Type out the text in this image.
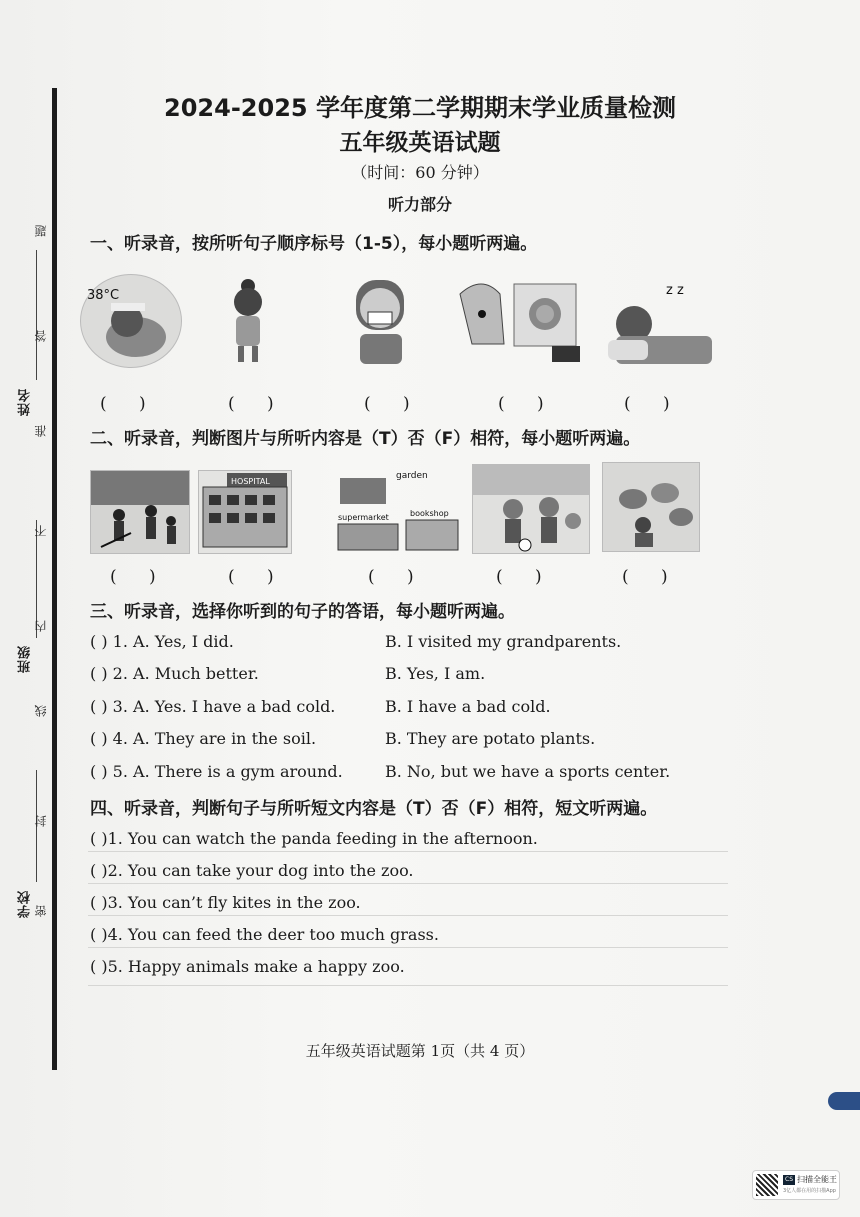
姓名
班级
学校
题
答
准
不
内
线
封
密
2024-2025 学年度第二学期期末学业质量检测
五年级英语试题
（时间：60 分钟）
听力部分
一、听录音，按所听句子顺序标号（1-5），每小题听两遍。
38°C	z z
(      )	(      )	(      )	(      )	(      )
二、听录音，判断图片与所听内容是（T）否（F）相符，每小题听两遍。
HOSPITAL
garden
supermarket	bookshop
(      )	(      )	(      )	(      )	(      )
三、听录音，选择你听到的句子的答语，每小题听两遍。
( ) 1. A. Yes, I did.	B. I visited my grandparents.
( ) 2. A. Much better.	B. Yes, I am.
( ) 3. A. Yes. I have a bad cold.	B. I have a bad cold.
( ) 4. A. They are in the soil.	B. They are potato plants.
( ) 5. A. There is a gym around.	B. No, but we have a sports center.
四、听录音，判断句子与所听短文内容是（T）否（F）相符，短文听两遍。
( )1. You can watch the panda feeding in the afternoon.
( )2. You can take your dog into the zoo.
( )3. You can’t fly kites in the zoo.
( )4. You can feed the deer too much grass.
( )5. Happy animals make a happy zoo.
五年级英语试题第 1页（共 4 页）
CS 扫描全能王
3亿人都在用的扫描App
